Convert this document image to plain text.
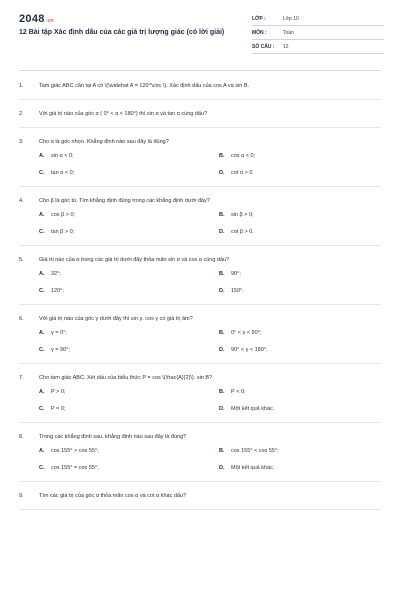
2048.vn
12 Bài tập Xác định dấu của các giá trị lượng giác (có lời giải)
LỚP :	Lớp 10
MÔN :	Toán
SỐ CÂU :	12
1.	Tam giác ABC cân tại A có \(\widehat A = 120^\circ \). Xác định dấu của cos A và sin B.
2.	Với giá trị nào của góc α ( 0° < α < 180°) thì sin α và tan α cùng dấu?
3.	Cho α là góc nhọn. Khẳng định nào sau đây là đúng?
A.	sin α < 0;	B.	cos α < 0;
C.	tan α < 0;	D.	cot α > 0.
4.	Cho β là góc tù. Tìm khẳng định đúng trong các khẳng định dưới đây?
A.	cos β > 0;	B.	sin β > 0;
C.	tan β > 0;	D.	cot β > 0.
5.	Giá trị nào của α trong các giá trị dưới đây thỏa mãn sin α và cos α cùng dấu?
A.	32°;	B.	90°;
C.	120°;	D.	150°.
6.	Với giá trị nào của góc γ dưới đây thì sin γ. cos γ có giá trị âm?
A.	γ = 0°;	B.	0° < γ < 90°;
C.	γ = 90°;	D.	90° < γ < 180°.
7.	Cho tam giác ABC. Xét dấu của biểu thức P = cos \(\frac{A}{2}\). sin B?
A.	P > 0;	B.	P < 0;
C.	P = 0;	D.	Một kết quả khác.
8.	Trong các khẳng định sau, khẳng định nào sau đây là đúng?
A.	cos 155° > cos 55°;	B.	cos 155° < cos 55°;
C.	cos 155° = cos 55°;	D.	Một kết quả khác.
9.	Tìm các giá trị của góc α thỏa mãn cos α và cot α khác dấu?
